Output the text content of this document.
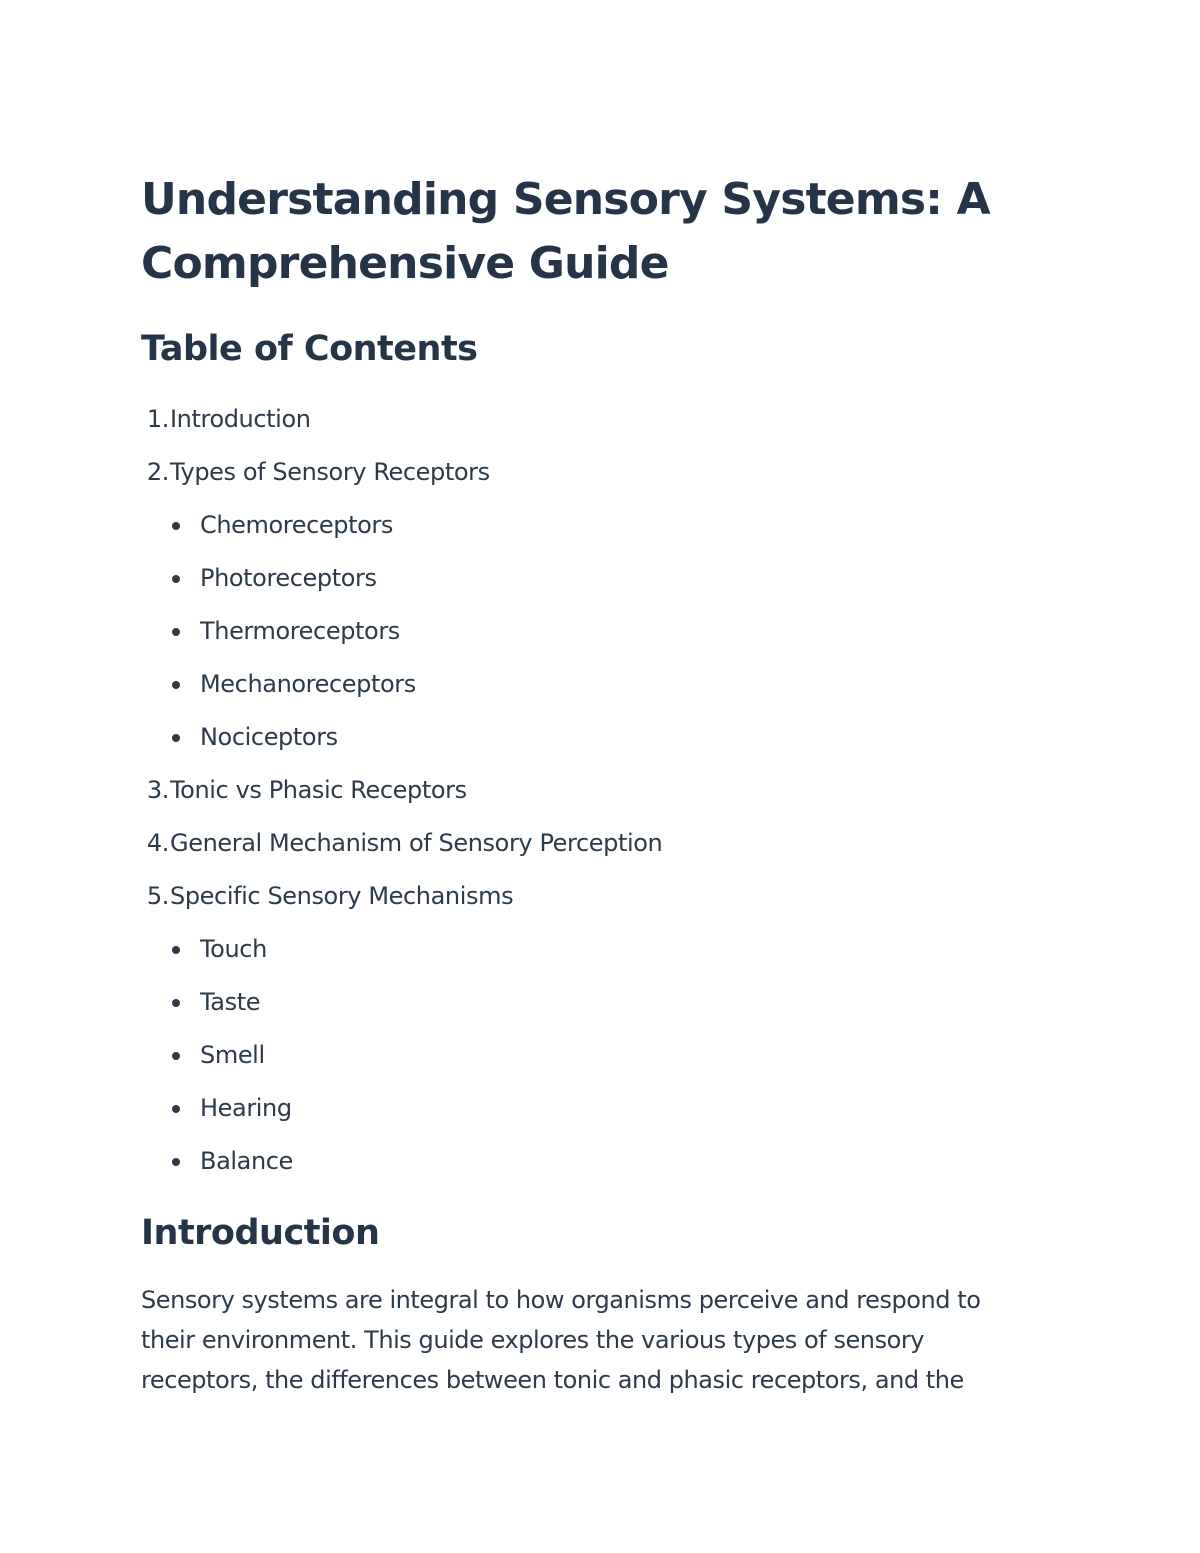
Understanding Sensory Systems: A
Comprehensive Guide
Table of Contents
1. Introduction
2. Types of Sensory Receptors
Chemoreceptors
Photoreceptors
Thermoreceptors
Mechanoreceptors
Nociceptors
3. Tonic vs Phasic Receptors
4. General Mechanism of Sensory Perception
5. Specific Sensory Mechanisms
Touch
Taste
Smell
Hearing
Balance
Introduction

Sensory systems are integral to how organisms perceive and respond to
their environment. This guide explores the various types of sensory
receptors, the differences between tonic and phasic receptors, and the
